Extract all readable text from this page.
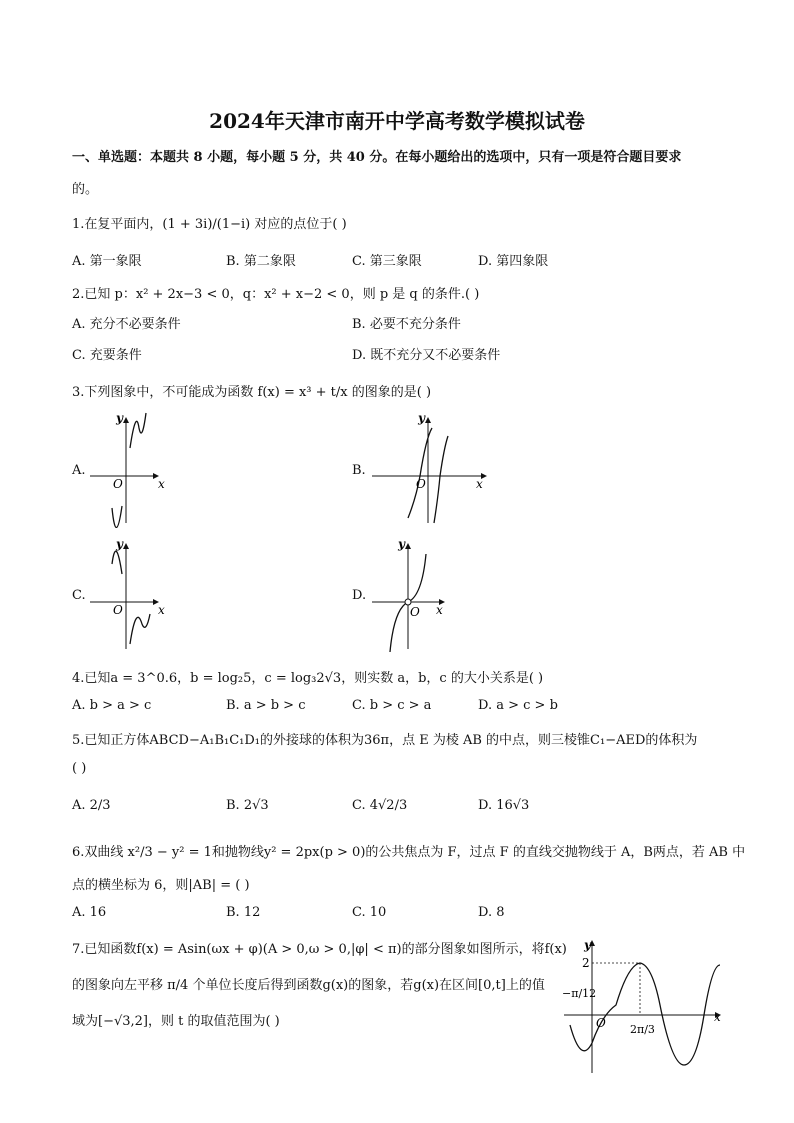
2024年天津市南开中学高考数学模拟试卷
一、单选题：本题共 8 小题，每小题 5 分，共 40 分。在每小题给出的选项中，只有一项是符合题目要求
的。
1.在复平面内，(1 + 3i)/(1−i) 对应的点位于( )
A. 第一象限	B. 第二象限	C. 第三象限	D. 第四象限
2.已知 p：x² + 2x−3 < 0，q：x² + x−2 < 0，则 p 是 q 的条件.( )
A. 充分不必要条件	B. 必要不充分条件
C. 充要条件	D. 既不充分又不必要条件
3.下列图象中，不可能成为函数 f(x) = x³ + t/x 的图象的是( )
A.	B.
C.	D.
x
y
O	x
y
O
x
y
O	x
y
O
4.已知a = 3^0.6，b = log₂5，c = log₃2√3，则实数 a，b，c 的大小关系是( )
A. b > a > c	B. a > b > c	C. b > c > a	D. a > c > b
5.已知正方体ABCD−A₁B₁C₁D₁的外接球的体积为36π，点 E 为棱 AB 的中点，则三棱锥C₁−AED的体积为
( )
A. 2/3	B. 2√3	C. 4√2/3	D. 16√3
6.双曲线 x²/3 − y² = 1和抛物线y² = 2px(p > 0)的公共焦点为 F，过点 F 的直线交抛物线于 A，B两点，若 AB 中
点的横坐标为 6，则|AB| = ( )
A. 16	B. 12	C. 10	D. 8
7.已知函数f(x) = Asin(ωx + φ)(A > 0,ω > 0,|φ| < π)的部分图象如图所示，将f(x)
的图象向左平移 π/4 个单位长度后得到函数g(x)的图象，若g(x)在区间[0,t]上的值
域为[−√3,2]，则 t 的取值范围为( )	x
y
O
2
−π/12
2π/3
